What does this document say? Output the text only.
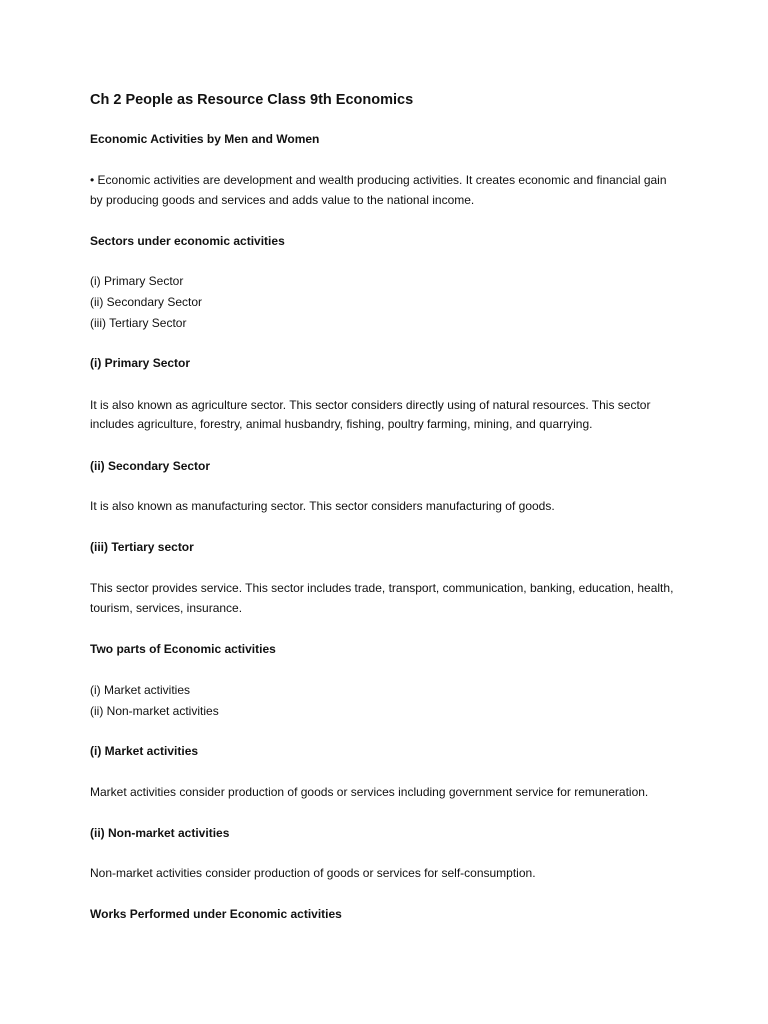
Ch 2 People as Resource Class 9th Economics
Economic Activities by Men and Women
• Economic activities are development and wealth producing activities. It creates economic and financial gain
by producing goods and services and adds value to the national income.
Sectors under economic activities
(i) Primary Sector
(ii) Secondary Sector
(iii) Tertiary Sector
(i) Primary Sector
It is also known as agriculture sector. This sector considers directly using of natural resources. This sector
includes agriculture, forestry, animal husbandry, fishing, poultry farming, mining, and quarrying.
(ii) Secondary Sector
It is also known as manufacturing sector. This sector considers manufacturing of goods.
(iii) Tertiary sector
This sector provides service. This sector includes trade, transport, communication, banking, education, health,
tourism, services, insurance.
Two parts of Economic activities
(i) Market activities
(ii) Non-market activities
(i) Market activities
Market activities consider production of goods or services including government service for remuneration.
(ii) Non-market activities
Non-market activities consider production of goods or services for self-consumption.
Works Performed under Economic activities
